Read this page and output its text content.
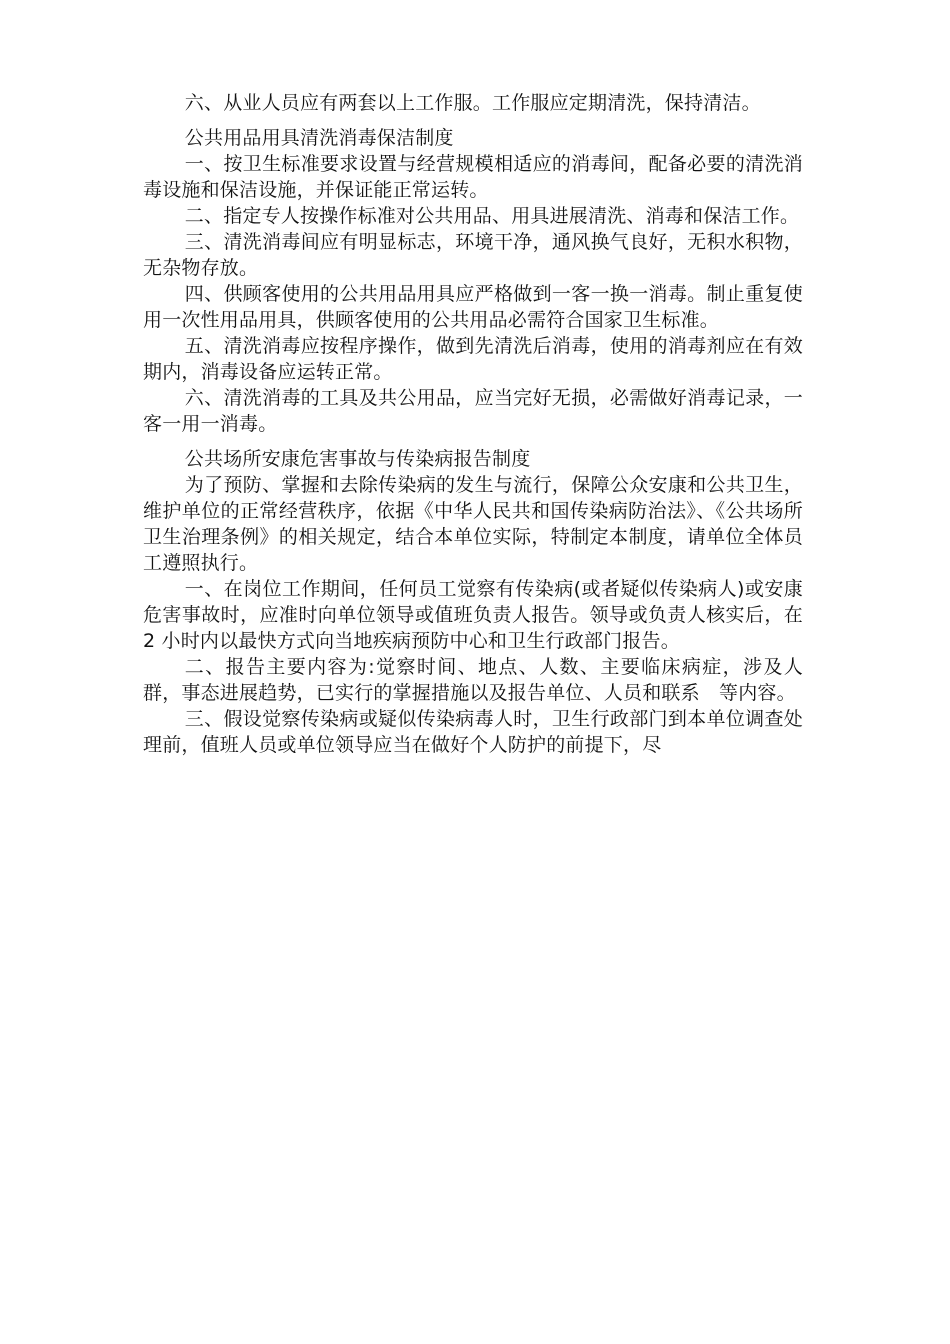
六、从业人员应有两套以上工作服。工作服应定期清洗，保持清洁。

公共用品用具清洗消毒保洁制度

一、按卫生标准要求设置与经营规模相适应的消毒间，配备必要的清洗消毒设施和保洁设施，并保证能正常运转。

二、指定专人按操作标准对公共用品、用具进展清洗、消毒和保洁工作。

三、清洗消毒间应有明显标志，环境干净，通风换气良好，无积水积物，无杂物存放。

四、供顾客使用的公共用品用具应严格做到一客一换一消毒。制止重复使用一次性用品用具，供顾客使用的公共用品必需符合国家卫生标准。

五、清洗消毒应按程序操作，做到先清洗后消毒，使用的消毒剂应在有效期内，消毒设备应运转正常。

六、清洗消毒的工具及共公用品，应当完好无损，必需做好消毒记录，一客一用一消毒。

公共场所安康危害事故与传染病报告制度

为了预防、掌握和去除传染病的发生与流行，保障公众安康和公共卫生，维护单位的正常经营秩序，依据《中华人民共和国传染病防治法》、《公共场所卫生治理条例》的相关规定，结合本单位实际，特制定本制度，请单位全体员工遵照执行。

一、在岗位工作期间，任何员工觉察有传染病(或者疑似传染病人)或安康危害事故时，应准时向单位领导或值班负责人报告。领导或负责人核实后，在 2 小时内以最快方式向当地疾病预防中心和卫生行政部门报告。

二、报告主要内容为:觉察时间、地点、人数、主要临床病症，涉及人群，事态进展趋势，已实行的掌握措施以及报告单位、人员和联系　等内容。

三、假设觉察传染病或疑似传染病毒人时，卫生行政部门到本单位调查处理前，值班人员或单位领导应当在做好个人防护的前提下，尽
